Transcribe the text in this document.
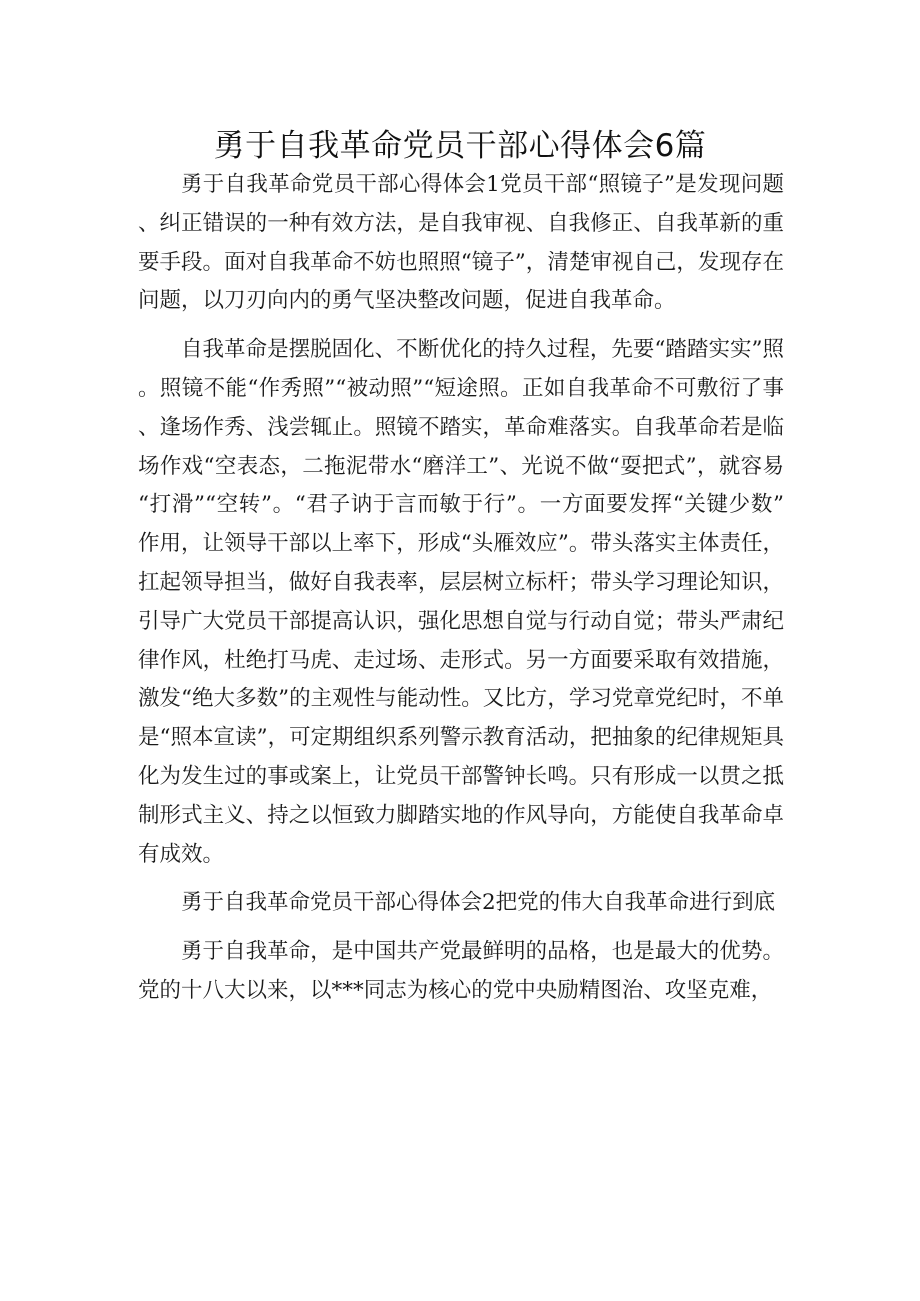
勇于自我革命党员干部心得体会6篇

勇于自我革命党员干部心得体会1党员干部“照镜子”是发现问题、纠正错误的一种有效方法，是自我审视、自我修正、自我革新的重要手段。面对自我革命不妨也照照“镜子”，清楚审视自己，发现存在问题，以刀刃向内的勇气坚决整改问题，促进自我革命。

自我革命是摆脱固化、不断优化的持久过程，先要“踏踏实实”照。照镜不能“作秀照”“被动照”“短途照。正如自我革命不可敷衍了事、逢场作秀、浅尝辄止。照镜不踏实，革命难落实。自我革命若是临场作戏“空表态，二拖泥带水“磨洋工”、光说不做“耍把式”，就容易“打滑”“空转”。“君子讷于言而敏于行”。一方面要发挥“关键少数”作用，让领导干部以上率下，形成“头雁效应”。带头落实主体责任，扛起领导担当，做好自我表率，层层树立标杆；带头学习理论知识，引导广大党员干部提高认识，强化思想自觉与行动自觉；带头严肃纪律作风，杜绝打马虎、走过场、走形式。另一方面要采取有效措施，激发“绝大多数”的主观性与能动性。又比方，学习党章党纪时，不单是“照本宣读”，可定期组织系列警示教育活动，把抽象的纪律规矩具化为发生过的事或案上，让党员干部警钟长鸣。只有形成一以贯之抵制形式主义、持之以恒致力脚踏实地的作风导向，方能使自我革命卓有成效。

勇于自我革命党员干部心得体会2把党的伟大自我革命进行到底

勇于自我革命，是中国共产党最鲜明的品格，也是最大的优势。党的十八大以来，以***同志为核心的党中央励精图治、攻坚克难，
